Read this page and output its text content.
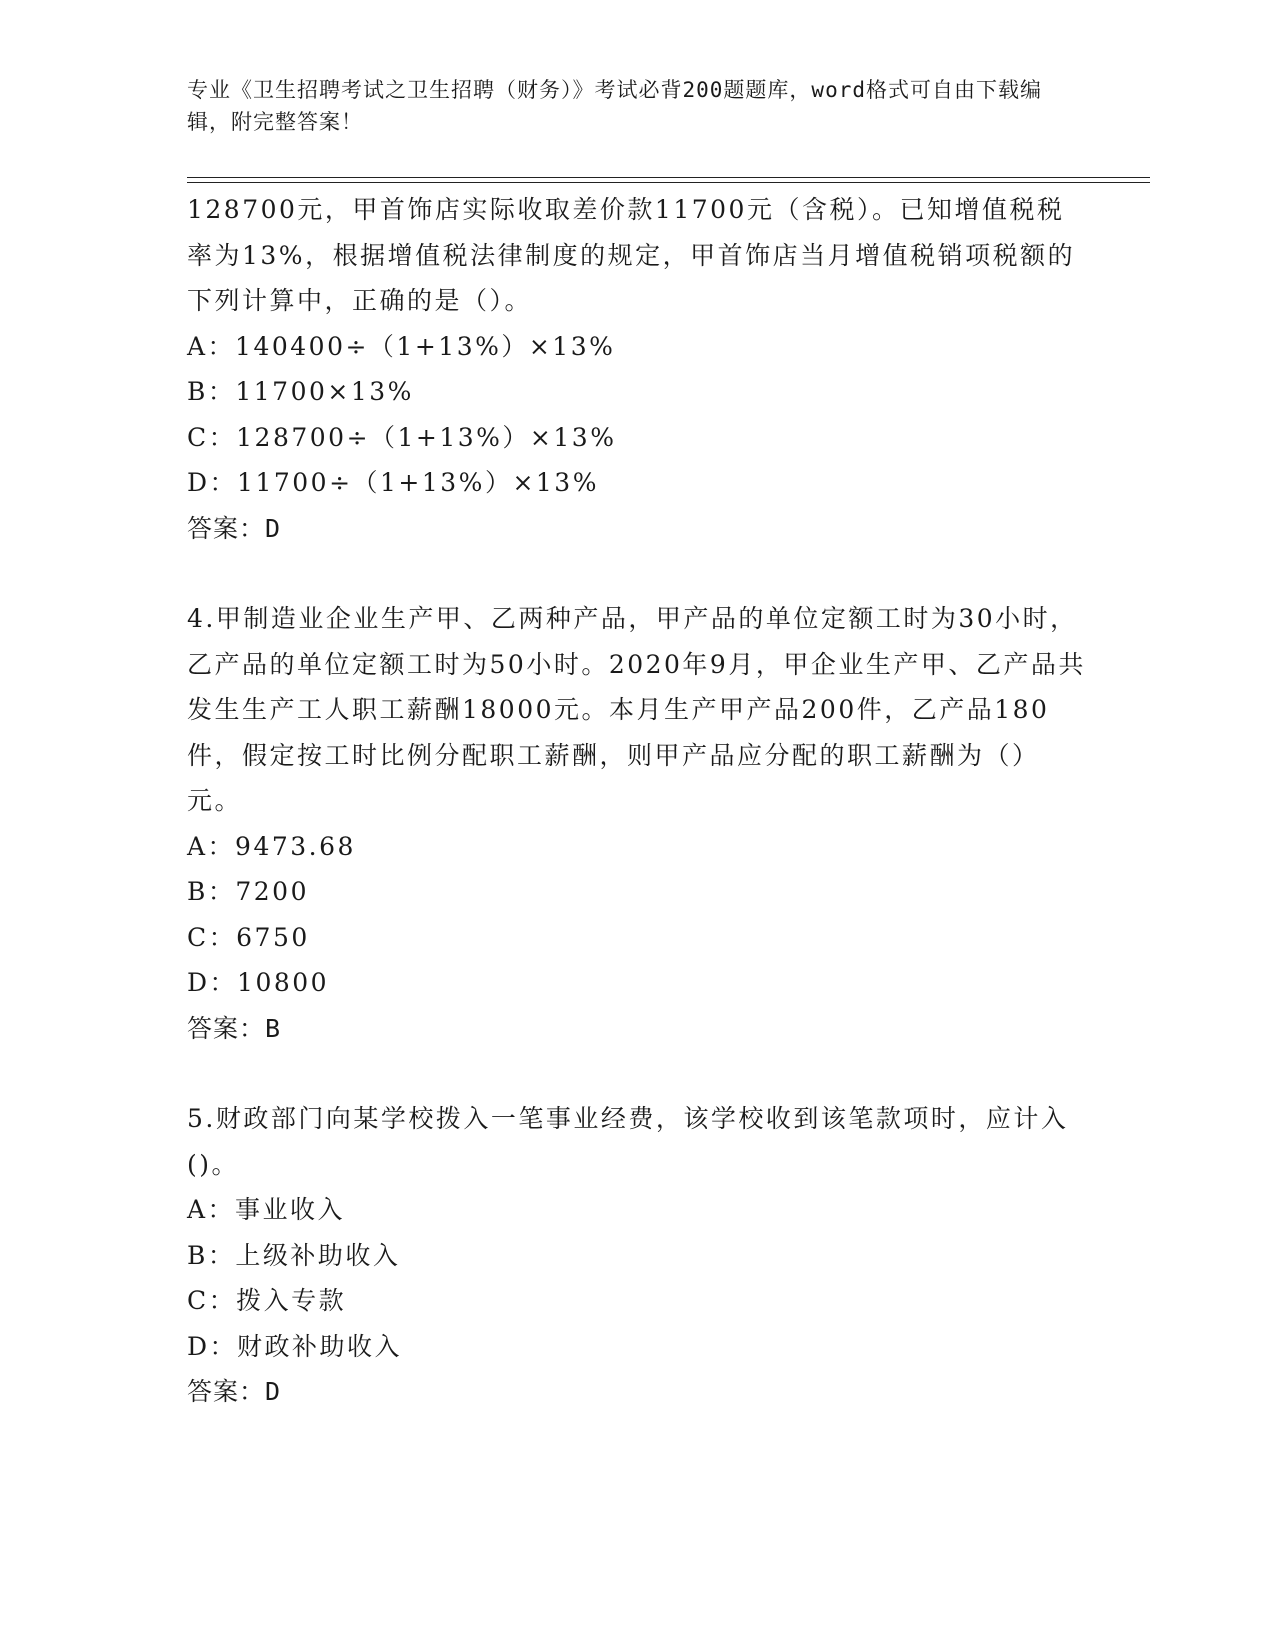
专业《卫生招聘考试之卫生招聘（财务）》考试必背200题题库，word格式可自由下载编辑，附完整答案！

128700元，甲首饰店实际收取差价款11700元（含税）。已知增值税税率为13%，根据增值税法律制度的规定，甲首饰店当月增值税销项税额的下列计算中，正确的是（）。

A：140400÷（1+13%）×13%
B：11700×13%
C：128700÷（1+13%）×13%
D：11700÷（1+13%）×13%
答案：D

4.甲制造业企业生产甲、乙两种产品，甲产品的单位定额工时为30小时，乙产品的单位定额工时为50小时。2020年9月，甲企业生产甲、乙产品共发生生产工人职工薪酬18000元。本月生产甲产品200件，乙产品180件，假定按工时比例分配职工薪酬，则甲产品应分配的职工薪酬为（）元。

A：9473.68
B：7200
C：6750
D：10800
答案：B

5.财政部门向某学校拨入一笔事业经费，该学校收到该笔款项时，应计入()。

A：事业收入
B：上级补助收入
C：拨入专款
D：财政补助收入
答案：D
